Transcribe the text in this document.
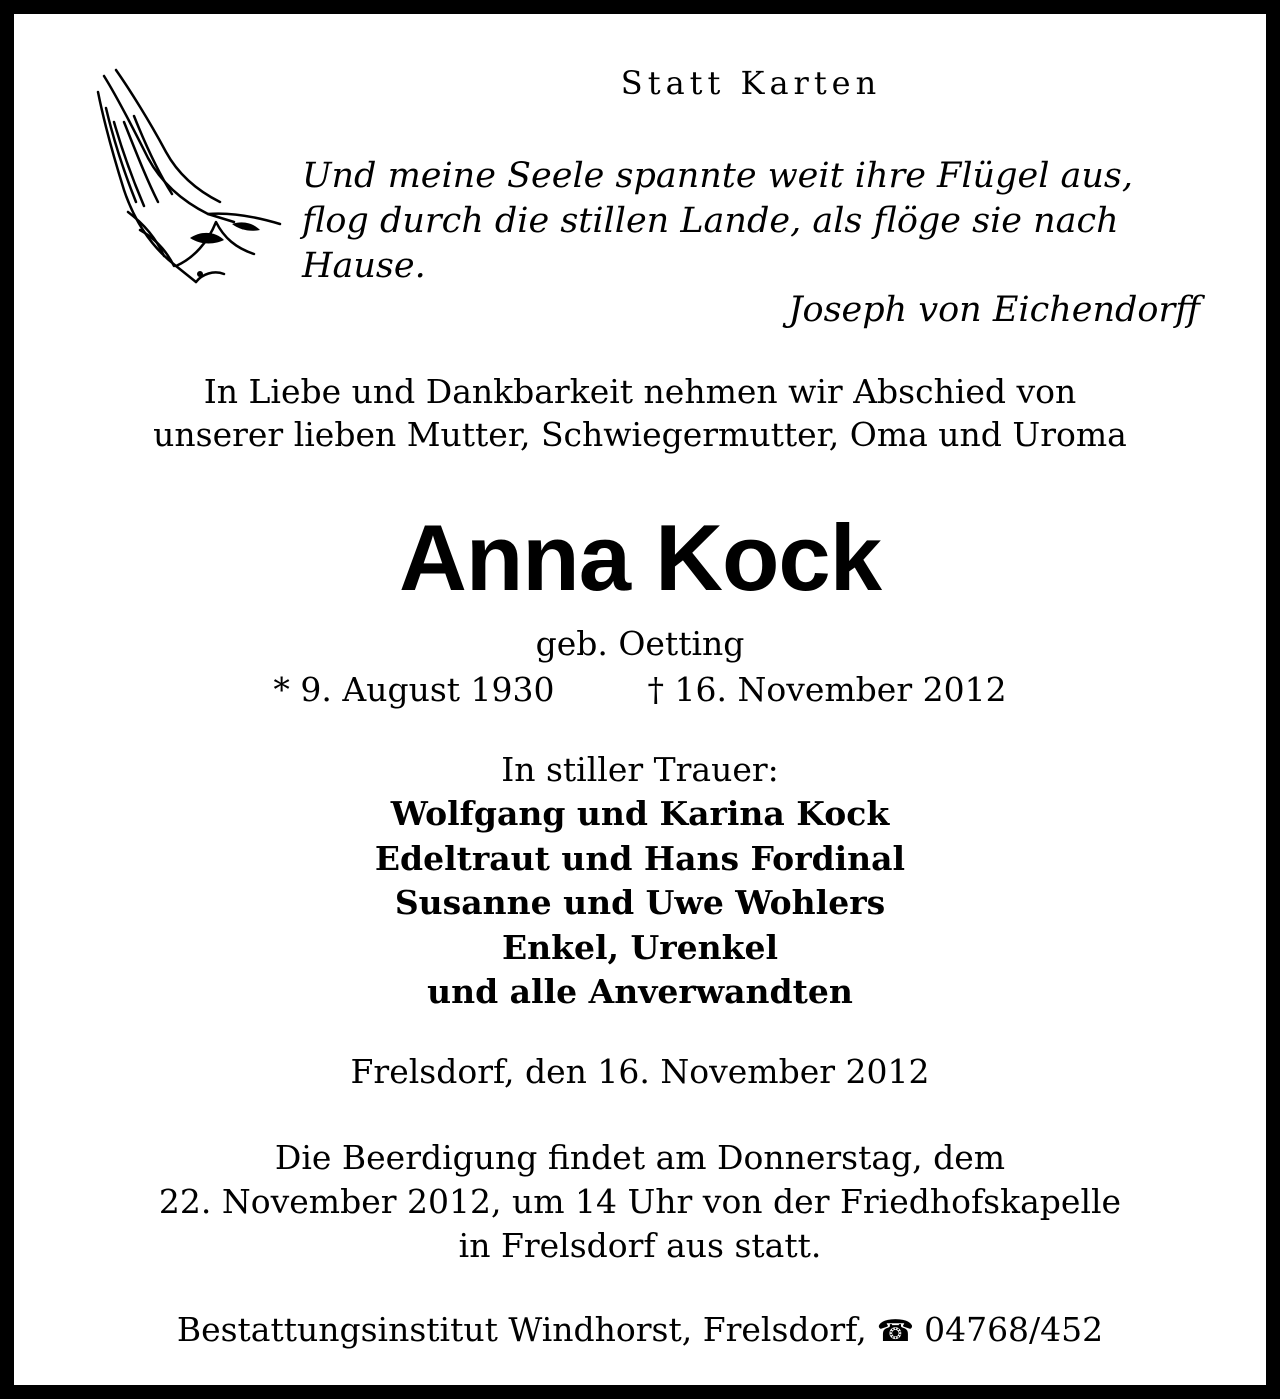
Statt Karten
Und meine Seele spannte weit ihre Flügel aus,
flog durch die stillen Lande, als flöge sie nach
Hause.
Joseph von Eichendorff
In Liebe und Dankbarkeit nehmen wir Abschied von
unserer lieben Mutter, Schwiegermutter, Oma und Uroma
Anna Kock
geb. Oetting
* 9. August 1930	† 16. November 2012
In stiller Trauer:
Wolfgang und Karina Kock
Edeltraut und Hans Fordinal
Susanne und Uwe Wohlers
Enkel, Urenkel
und alle Anverwandten
Frelsdorf, den 16. November 2012
Die Beerdigung findet am Donnerstag, dem
22. November 2012, um 14 Uhr von der Friedhofskapelle
in Frelsdorf aus statt.
Bestattungsinstitut Windhorst, Frelsdorf, ☎ 04768/452
